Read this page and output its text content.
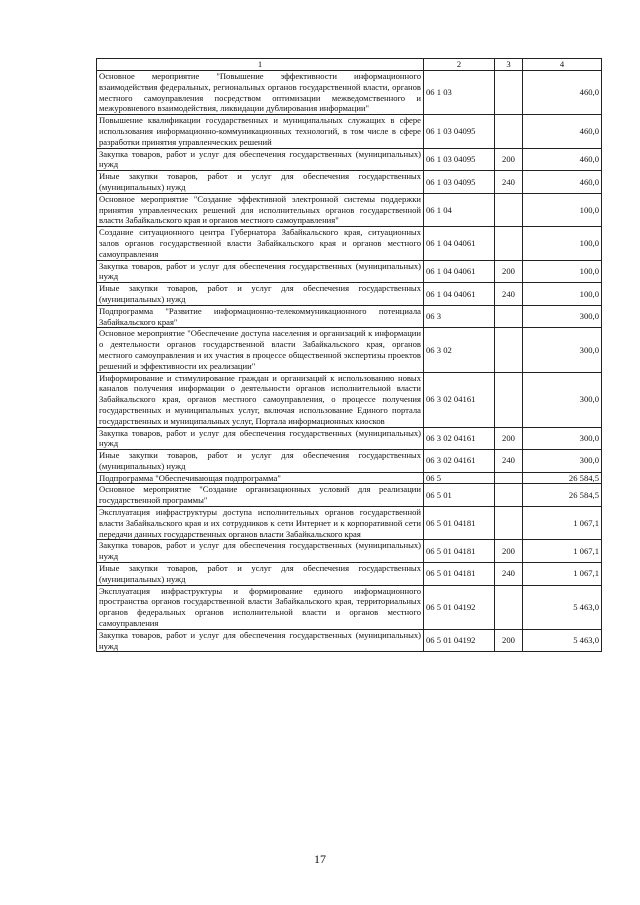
1	2	3	4
Основное мероприятие "Повышение эффективности информационного взаимодействия федеральных, региональных органов государственной власти, органов местного самоуправления посредством оптимизации межведомственного и межуровневого взаимодействия, ликвидации дублирования информации"	06 1 03		460,0
Повышение квалификации государственных и муниципальных служащих в сфере использования информационно-коммуникационных технологий, в том числе в сфере разработки принятия управленческих решений	06 1 03 04095		460,0
Закупка товаров, работ и услуг для обеспечения государственных (муниципальных) нужд	06 1 03 04095	200	460,0
Иные закупки товаров, работ и услуг для обеспечения государственных (муниципальных) нужд	06 1 03 04095	240	460,0
Основное мероприятие "Создание эффективной электронной системы поддержки принятия управленческих решений для исполнительных органов государственной власти Забайкальского края и органов местного самоуправления"	06 1 04		100,0
Создание ситуационного центра Губернатора Забайкальского края, ситуационных залов органов государственной власти Забайкальского края и органов местного самоуправления	06 1 04 04061		100,0
Закупка товаров, работ и услуг для обеспечения государственных (муниципальных) нужд	06 1 04 04061	200	100,0
Иные закупки товаров, работ и услуг для обеспечения государственных (муниципальных) нужд	06 1 04 04061	240	100,0
Подпрограмма "Развитие информационно-телекоммуникационного потенциала Забайкальского края"	06 3		300,0
Основное мероприятие "Обеспечение доступа населения и организаций к информации о деятельности органов государственной власти Забайкальского края, органов местного самоуправления и их участия в процессе общественной экспертизы проектов решений и эффективности их реализации"	06 3 02		300,0
Информирование и стимулирование граждан и организаций к использованию новых каналов получения информации о деятельности органов исполнительной власти Забайкальского края, органов местного самоуправления, о процессе получения государственных и муниципальных услуг, включая использование Единого портала государственных и муниципальных услуг, Портала информационных киосков	06 3 02 04161		300,0
Закупка товаров, работ и услуг для обеспечения государственных (муниципальных) нужд	06 3 02 04161	200	300,0
Иные закупки товаров, работ и услуг для обеспечения государственных (муниципальных) нужд	06 3 02 04161	240	300,0
Подпрограмма "Обеспечивающая подпрограмма"	06 5		26 584,5
Основное мероприятие "Создание организационных условий для реализации государственной программы"	06 5 01		26 584,5
Эксплуатация инфраструктуры доступа исполнительных органов государственной власти Забайкальского края и их сотрудников к сети Интернет и к корпоративной сети передачи данных государственных органов власти Забайкальского края	06 5 01 04181		1 067,1
Закупка товаров, работ и услуг для обеспечения государственных (муниципальных) нужд	06 5 01 04181	200	1 067,1
Иные закупки товаров, работ и услуг для обеспечения государственных (муниципальных) нужд	06 5 01 04181	240	1 067,1
Эксплуатация инфраструктуры и формирование единого информационного пространства органов государственной власти Забайкальского края, территориальных органов федеральных органов исполнительной власти и органов местного самоуправления	06 5 01 04192		5 463,0
Закупка товаров, работ и услуг для обеспечения государственных (муниципальных) нужд	06 5 01 04192	200	5 463,0
17
